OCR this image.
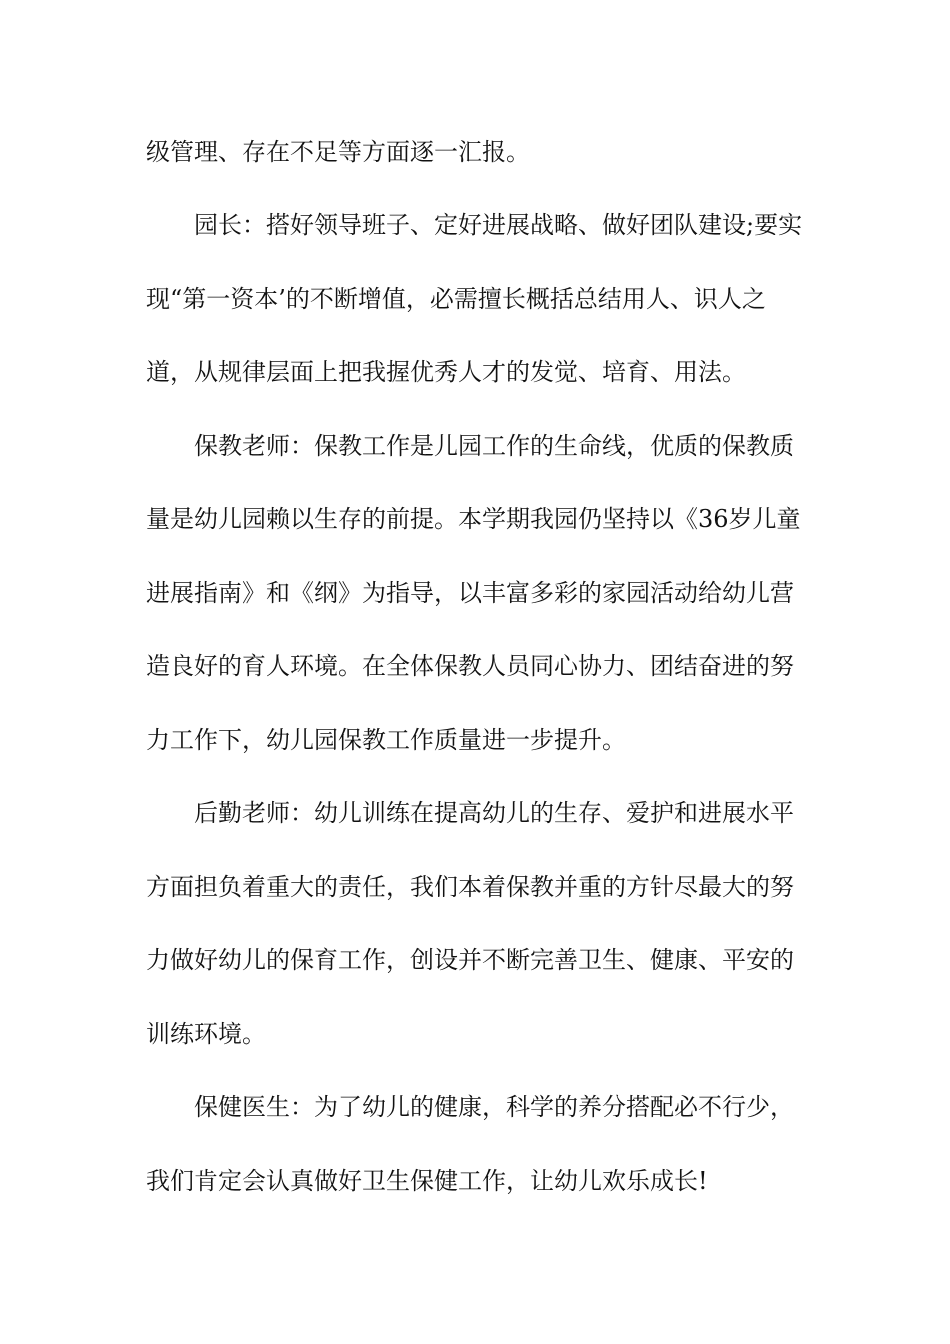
级管理、存在不足等方面逐一汇报。
园长：搭好领导班子、定好进展战略、做好团队建设;要实
现“第一资本’的不断增值，必需擅长概括总结用人、识人之
道，从规律层面上把我握优秀人才的发觉、培育、用法。
保教老师：保教工作是儿园工作的生命线，优质的保教质
量是幼儿园赖以生存的前提。本学期我园仍坚持以《36岁儿童
进展指南》和《纲》为指导，以丰富多彩的家园活动给幼儿营
造良好的育人环境。在全体保教人员同心协力、团结奋进的努
力工作下，幼儿园保教工作质量进一步提升。
后勤老师：幼儿训练在提高幼儿的生存、爱护和进展水平
方面担负着重大的责任，我们本着保教并重的方针尽最大的努
力做好幼儿的保育工作，创设并不断完善卫生、健康、平安的
训练环境。
保健医生：为了幼儿的健康，科学的养分搭配必不行少，
我们肯定会认真做好卫生保健工作，让幼儿欢乐成长!
